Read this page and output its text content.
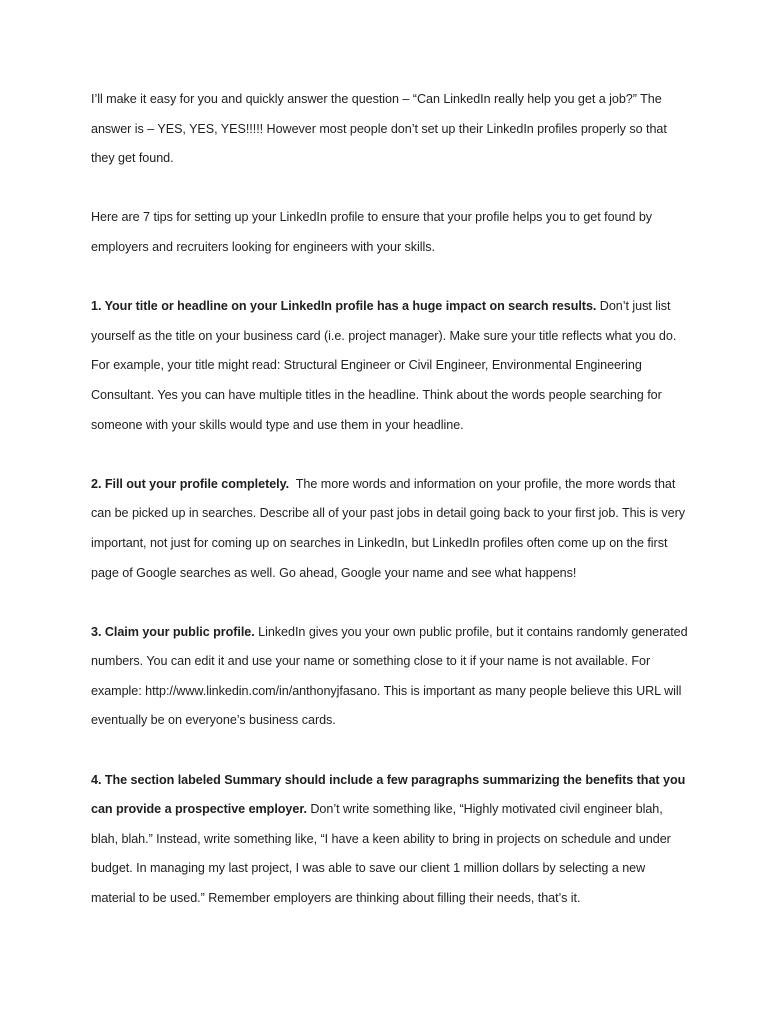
I’ll make it easy for you and quickly answer the question – “Can LinkedIn really help you get a job?” The answer is – YES, YES, YES!!!!! However most people don’t set up their LinkedIn profiles properly so that they get found.

Here are 7 tips for setting up your LinkedIn profile to ensure that your profile helps you to get found by employers and recruiters looking for engineers with your skills.

1. Your title or headline on your LinkedIn profile has a huge impact on search results. Don’t just list yourself as the title on your business card (i.e. project manager). Make sure your title reflects what you do. For example, your title might read: Structural Engineer or Civil Engineer, Environmental Engineering Consultant. Yes you can have multiple titles in the headline. Think about the words people searching for someone with your skills would type and use them in your headline.

2. Fill out your profile completely.  The more words and information on your profile, the more words that can be picked up in searches. Describe all of your past jobs in detail going back to your first job. This is very important, not just for coming up on searches in LinkedIn, but LinkedIn profiles often come up on the first page of Google searches as well. Go ahead, Google your name and see what happens!

3. Claim your public profile. LinkedIn gives you your own public profile, but it contains randomly generated numbers. You can edit it and use your name or something close to it if your name is not available. For example: http://www.linkedin.com/in/anthonyjfasano. This is important as many people believe this URL will eventually be on everyone’s business cards.

4. The section labeled Summary should include a few paragraphs summarizing the benefits that you can provide a prospective employer. Don’t write something like, “Highly motivated civil engineer blah, blah, blah.” Instead, write something like, “I have a keen ability to bring in projects on schedule and under budget. In managing my last project, I was able to save our client 1 million dollars by selecting a new material to be used.” Remember employers are thinking about filling their needs, that’s it.
